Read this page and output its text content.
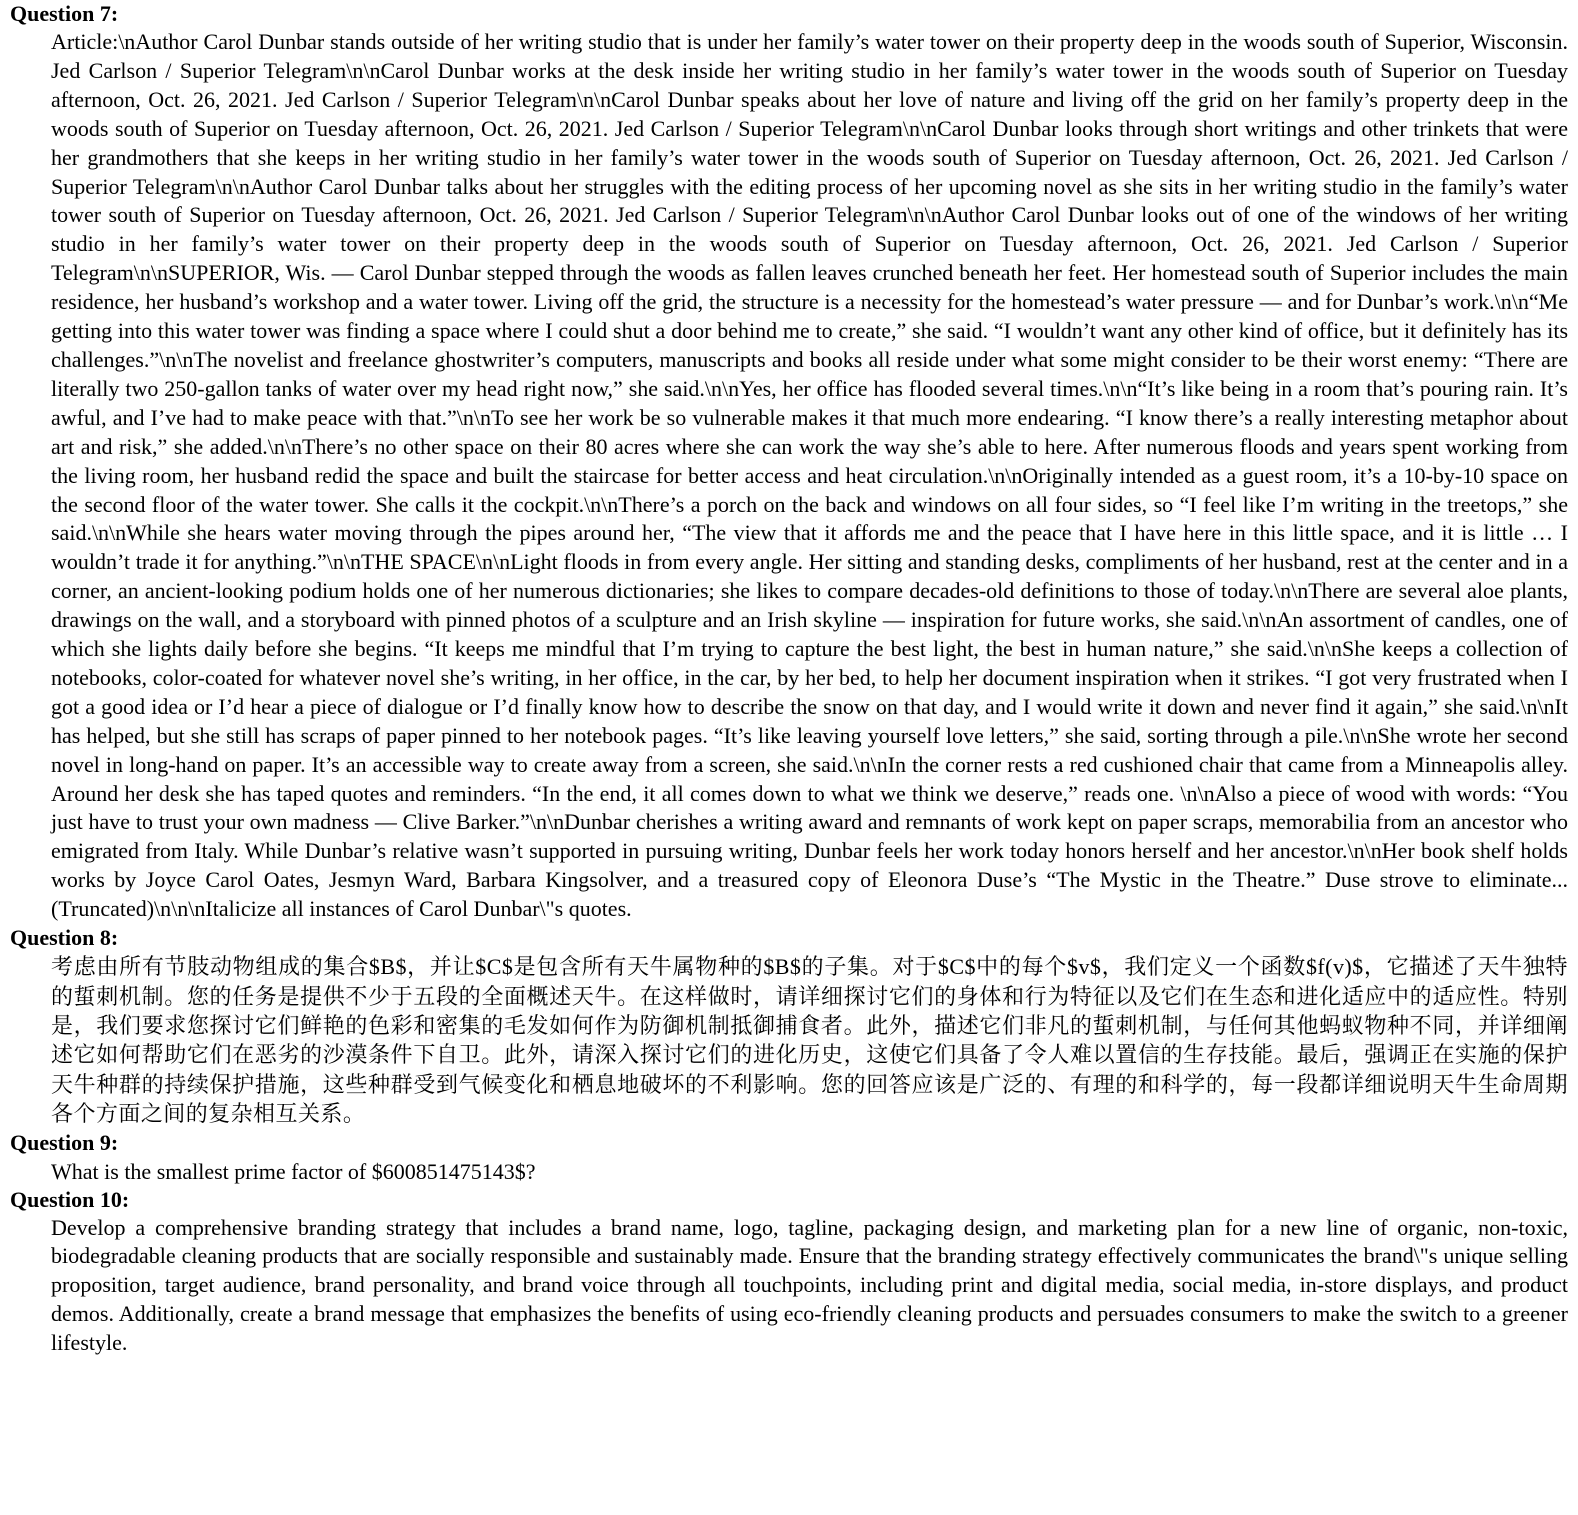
Question 7:
Article:\nAuthor Carol Dunbar stands outside of her writing studio that is under her family’s water tower on their property deep in the woods south of Superior, Wisconsin. Jed Carlson / Superior Telegram\n\nCarol Dunbar works at the desk inside her writing studio in her family’s water tower in the woods south of Superior on Tuesday afternoon, Oct. 26, 2021. Jed Carlson / Superior Telegram\n\nCarol Dunbar speaks about her love of nature and living off the grid on her family’s property deep in the woods south of Superior on Tuesday afternoon, Oct. 26, 2021. Jed Carlson / Superior Telegram\n\nCarol Dunbar looks through short writings and other trinkets that were her grandmothers that she keeps in her writing studio in her family’s water tower in the woods south of Superior on Tuesday afternoon, Oct. 26, 2021. Jed Carlson / Superior Telegram\n\nAuthor Carol Dunbar talks about her struggles with the editing process of her upcoming novel as she sits in her writing studio in the family’s water tower south of Superior on Tuesday afternoon, Oct. 26, 2021. Jed Carlson / Superior Telegram\n\nAuthor Carol Dunbar looks out of one of the windows of her writing studio in her family’s water tower on their property deep in the woods south of Superior on Tuesday afternoon, Oct. 26, 2021. Jed Carlson / Superior Telegram\n\nSUPERIOR, Wis. — Carol Dunbar stepped through the woods as fallen leaves crunched beneath her feet. Her homestead south of Superior includes the main residence, her husband’s workshop and a water tower. Living off the grid, the structure is a necessity for the homestead’s water pressure — and for Dunbar’s work.\n\n“Me getting into this water tower was finding a space where I could shut a door behind me to create,” she said. “I wouldn’t want any other kind of office, but it definitely has its challenges.”\n\nThe novelist and freelance ghostwriter’s computers, manuscripts and books all reside under what some might consider to be their worst enemy: “There are literally two 250-gallon tanks of water over my head right now,” she said.\n\nYes, her office has flooded several times.\n\n“It’s like being in a room that’s pouring rain. It’s awful, and I’ve had to make peace with that.”\n\nTo see her work be so vulnerable makes it that much more endearing. “I know there’s a really interesting metaphor about art and risk,” she added.\n\nThere’s no other space on their 80 acres where she can work the way she’s able to here. After numerous floods and years spent working from the living room, her husband redid the space and built the staircase for better access and heat circulation.\n\nOriginally intended as a guest room, it’s a 10-by-10 space on the second floor of the water tower. She calls it the cockpit.\n\nThere’s a porch on the back and windows on all four sides, so “I feel like I’m writing in the treetops,” she said.\n\nWhile she hears water moving through the pipes around her, “The view that it affords me and the peace that I have here in this little space, and it is little … I wouldn’t trade it for anything.”\n\nTHE SPACE\n\nLight floods in from every angle. Her sitting and standing desks, compliments of her husband, rest at the center and in a corner, an ancient-looking podium holds one of her numerous dictionaries; she likes to compare decades-old definitions to those of today.\n\nThere are several aloe plants, drawings on the wall, and a storyboard with pinned photos of a sculpture and an Irish skyline — inspiration for future works, she said.\n\nAn assortment of candles, one of which she lights daily before she begins. “It keeps me mindful that I’m trying to capture the best light, the best in human nature,” she said.\n\nShe keeps a collection of notebooks, color-coated for whatever novel she’s writing, in her office, in the car, by her bed, to help her document inspiration when it strikes. “I got very frustrated when I got a good idea or I’d hear a piece of dialogue or I’d finally know how to describe the snow on that day, and I would write it down and never find it again,” she said.\n\nIt has helped, but she still has scraps of paper pinned to her notebook pages. “It’s like leaving yourself love letters,” she said, sorting through a pile.\n\nShe wrote her second novel in long-hand on paper. It’s an accessible way to create away from a screen, she said.\n\nIn the corner rests a red cushioned chair that came from a Minneapolis alley. Around her desk she has taped quotes and reminders. “In the end, it all comes down to what we think we deserve,” reads one. \n\nAlso a piece of wood with words: “You just have to trust your own madness — Clive Barker.”\n\nDunbar cherishes a writing award and remnants of work kept on paper scraps, memorabilia from an ancestor who emigrated from Italy. While Dunbar’s relative wasn’t supported in pursuing writing, Dunbar feels her work today honors herself and her ancestor.\n\nHer book shelf holds works by Joyce Carol Oates, Jesmyn Ward, Barbara Kingsolver, and a treasured copy of Eleonora Duse’s “The Mystic in the Theatre.” Duse strove to eliminate...(Truncated)\n\n\nItalicize all instances of Carol Dunbar\"s quotes.
Question 8:
考虑由所有节肢动物组成的集合$B$，并让$C$是包含所有天牛属物种的$B$的子集。对于$C$中的每个$v$，我们定义一个函数$f(v)$，它描述了天牛独特的蜇刺机制。您的任务是提供不少于五段的全面概述天牛。在这样做时，请详细探讨它们的身体和行为特征以及它们在生态和进化适应中的适应性。特别是，我们要求您探讨它们鲜艳的色彩和密集的毛发如何作为防御机制抵御捕食者。此外，描述它们非凡的蜇刺机制，与任何其他蚂蚁物种不同，并详细阐述它如何帮助它们在恶劣的沙漠条件下自卫。此外，请深入探讨它们的进化历史，这使它们具备了令人难以置信的生存技能。最后，强调正在实施的保护天牛种群的持续保护措施，这些种群受到气候变化和栖息地破坏的不利影响。您的回答应该是广泛的、有理的和科学的，每一段都详细说明天牛生命周期各个方面之间的复杂相互关系。
Question 9:
What is the smallest prime factor of $600851475143$?
Question 10:
Develop a comprehensive branding strategy that includes a brand name, logo, tagline, packaging design, and marketing plan for a new line of organic, non-toxic, biodegradable cleaning products that are socially responsible and sustainably made. Ensure that the branding strategy effectively communicates the brand\"s unique selling proposition, target audience, brand personality, and brand voice through all touchpoints, including print and digital media, social media, in-store displays, and product demos. Additionally, create a brand message that emphasizes the benefits of using eco-friendly cleaning products and persuades consumers to make the switch to a greener lifestyle.
